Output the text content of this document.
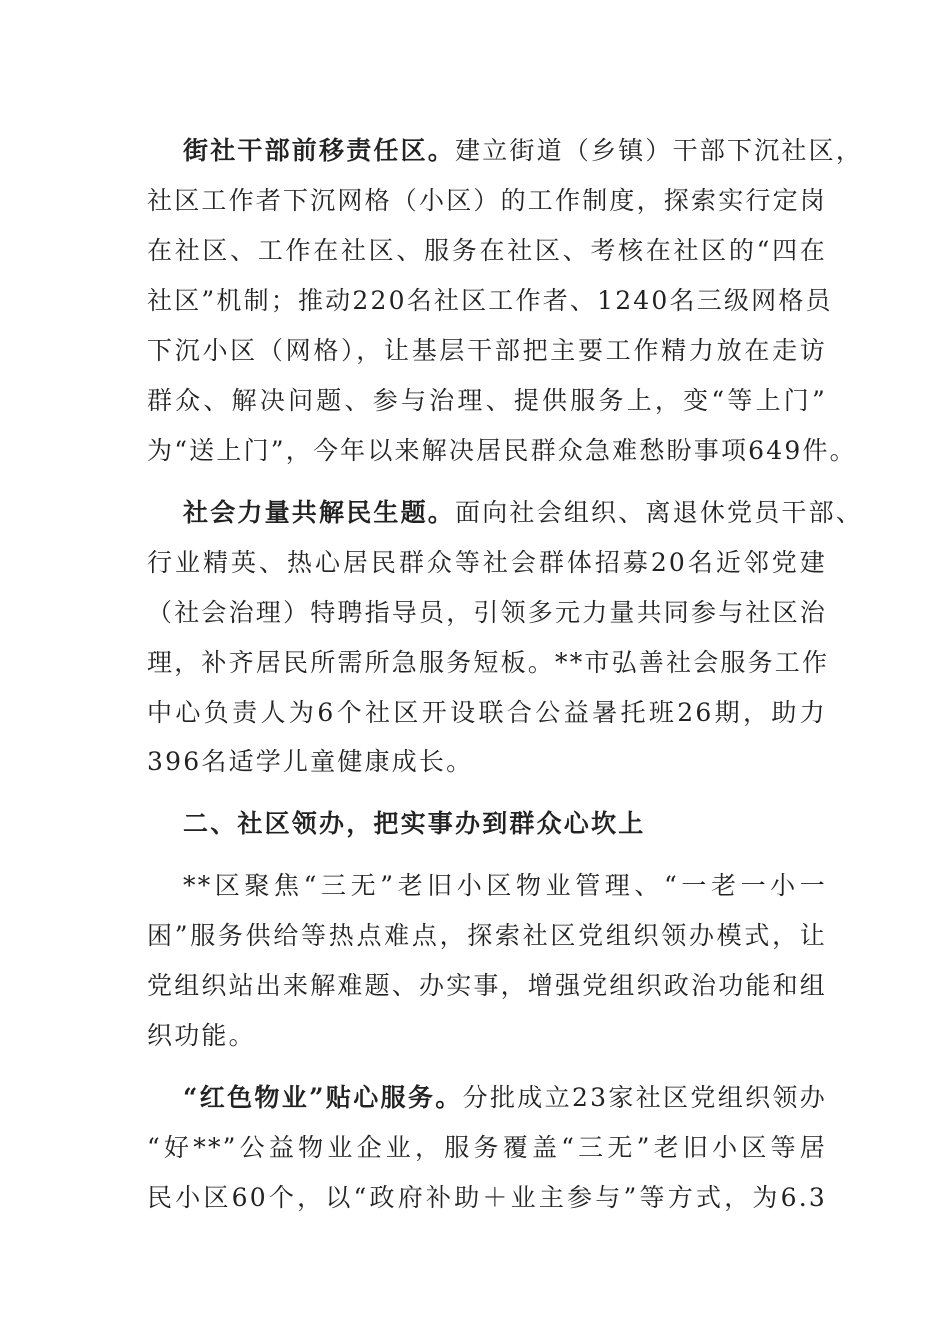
街社干部前移责任区。建立街道（乡镇）干部下沉社区，
社区工作者下沉网格（小区）的工作制度，探索实行定岗
在社区、工作在社区、服务在社区、考核在社区的“四在
社区”机制；推动220名社区工作者、1240名三级网格员
下沉小区（网格），让基层干部把主要工作精力放在走访
群众、解决问题、参与治理、提供服务上，变“等上门”
为“送上门”，今年以来解决居民群众急难愁盼事项649件。
社会力量共解民生题。面向社会组织、离退休党员干部、
行业精英、热心居民群众等社会群体招募20名近邻党建
（社会治理）特聘指导员，引领多元力量共同参与社区治
理，补齐居民所需所急服务短板。**市弘善社会服务工作
中心负责人为6个社区开设联合公益暑托班26期，助力
396名适学儿童健康成长。
二、社区领办，把实事办到群众心坎上
**区聚焦“三无”老旧小区物业管理、“一老一小一
困”服务供给等热点难点，探索社区党组织领办模式，让
党组织站出来解难题、办实事，增强党组织政治功能和组
织功能。
“红色物业”贴心服务。分批成立23家社区党组织领办
“好**”公益物业企业，服务覆盖“三无”老旧小区等居
民小区60个，以“政府补助＋业主参与”等方式，为6.3
